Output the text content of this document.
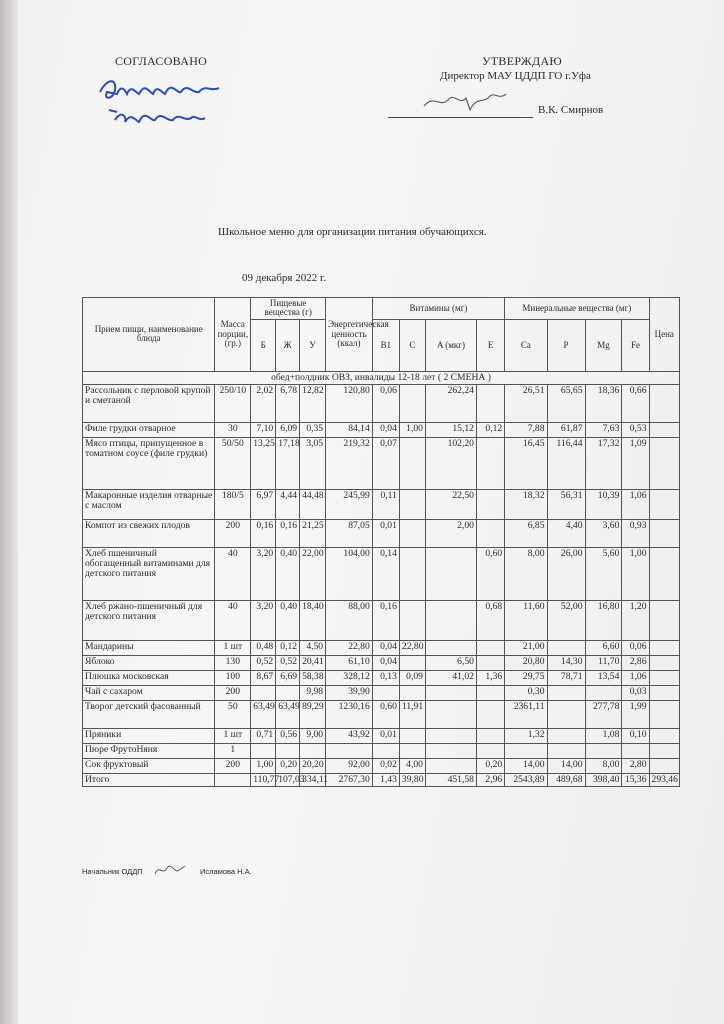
СОГЛАСОВАНО	УТВЕРЖДАЮ
Директор МАУ ЦДДП ГО г.Уфа
В.К. Смирнов
Школьное меню для организации питания обучающихся.
09 декабря 2022 г.
Прием пищи, наименование блюда	Масса порции, (гр.)	Пищевые вещества (г)			Энергетическая ценность (ккал)	Витамины (мг)				Минеральные вещества (мг)				Цена
		Б	Ж	У		B1	C	A (мкг)	E	Ca	P	Mg	Fe	
обед+полдник ОВЗ, инвалиды 12-18 лет ( 2 СМЕНА )														
Рассольник с перловой крупой и сметаной	250/10	2,02	6,78	12,82	120,80	0,06		262,24		26,51	65,65	18,36	0,66	
Филе грудки отварное	30	7,10	6,09	0,35	84,14	0,04	1,00	15,12	0,12	7,88	61,87	7,63	0,53	
Мясо птицы, припущенное в томатном соусе (филе грудки)	50/50	13,25	17,18	3,05	219,32	0,07		102,20		16,45	116,44	17,32	1,09	
Макаронные изделия отварные с маслом	180/5	6,97	4,44	44,48	245,99	0,11		22,50		18,32	56,31	10,39	1,06	
Компот из свежих плодов	200	0,16	0,16	21,25	87,05	0,01		2,00		6,85	4,40	3,60	0,93	
Хлеб пшеничный обогащенный витаминами для детского питания	40	3,20	0,40	22,00	104,00	0,14			0,60	8,00	26,00	5,60	1,00	
Хлеб ржано-пшеничный для детского питания	40	3,20	0,40	18,40	88,00	0,16			0,68	11,60	52,00	16,80	1,20	
Мандарины	1 шт	0,48	0,12	4,50	22,80	0,04	22,80			21,00		6,60	0,06	
Яблоко	130	0,52	0,52	20,41	61,10	0,04		6,50		20,80	14,30	11,70	2,86	
Плюшка московская	100	8,67	6,69	58,38	328,12	0,13	0,09	41,02	1,36	29,75	78,71	13,54	1,06	
Чай с сахаром	200			9,98	39,90					0,30			0,03	
Творог детский фасованный	50	63,49	63,49	89,29	1230,16	0,60	11,91			2361,11		277,78	1,99	
Пряники	1 шт	0,71	0,56	9,00	43,92	0,01				1,32		1,08	0,10	
Пюре ФрутоНяня	1													
Сок фруктовый	200	1,00	0,20	20,20	92,00	0,02	4,00		0,20	14,00	14,00	8,00	2,80	
Итого		110,77	107,03	334,11	2767,30	1,43	39,80	451,58	2,96	2543,89	489,68	398,40	15,36	293,46
Начальник ОДДП	Исламова Н.А.
